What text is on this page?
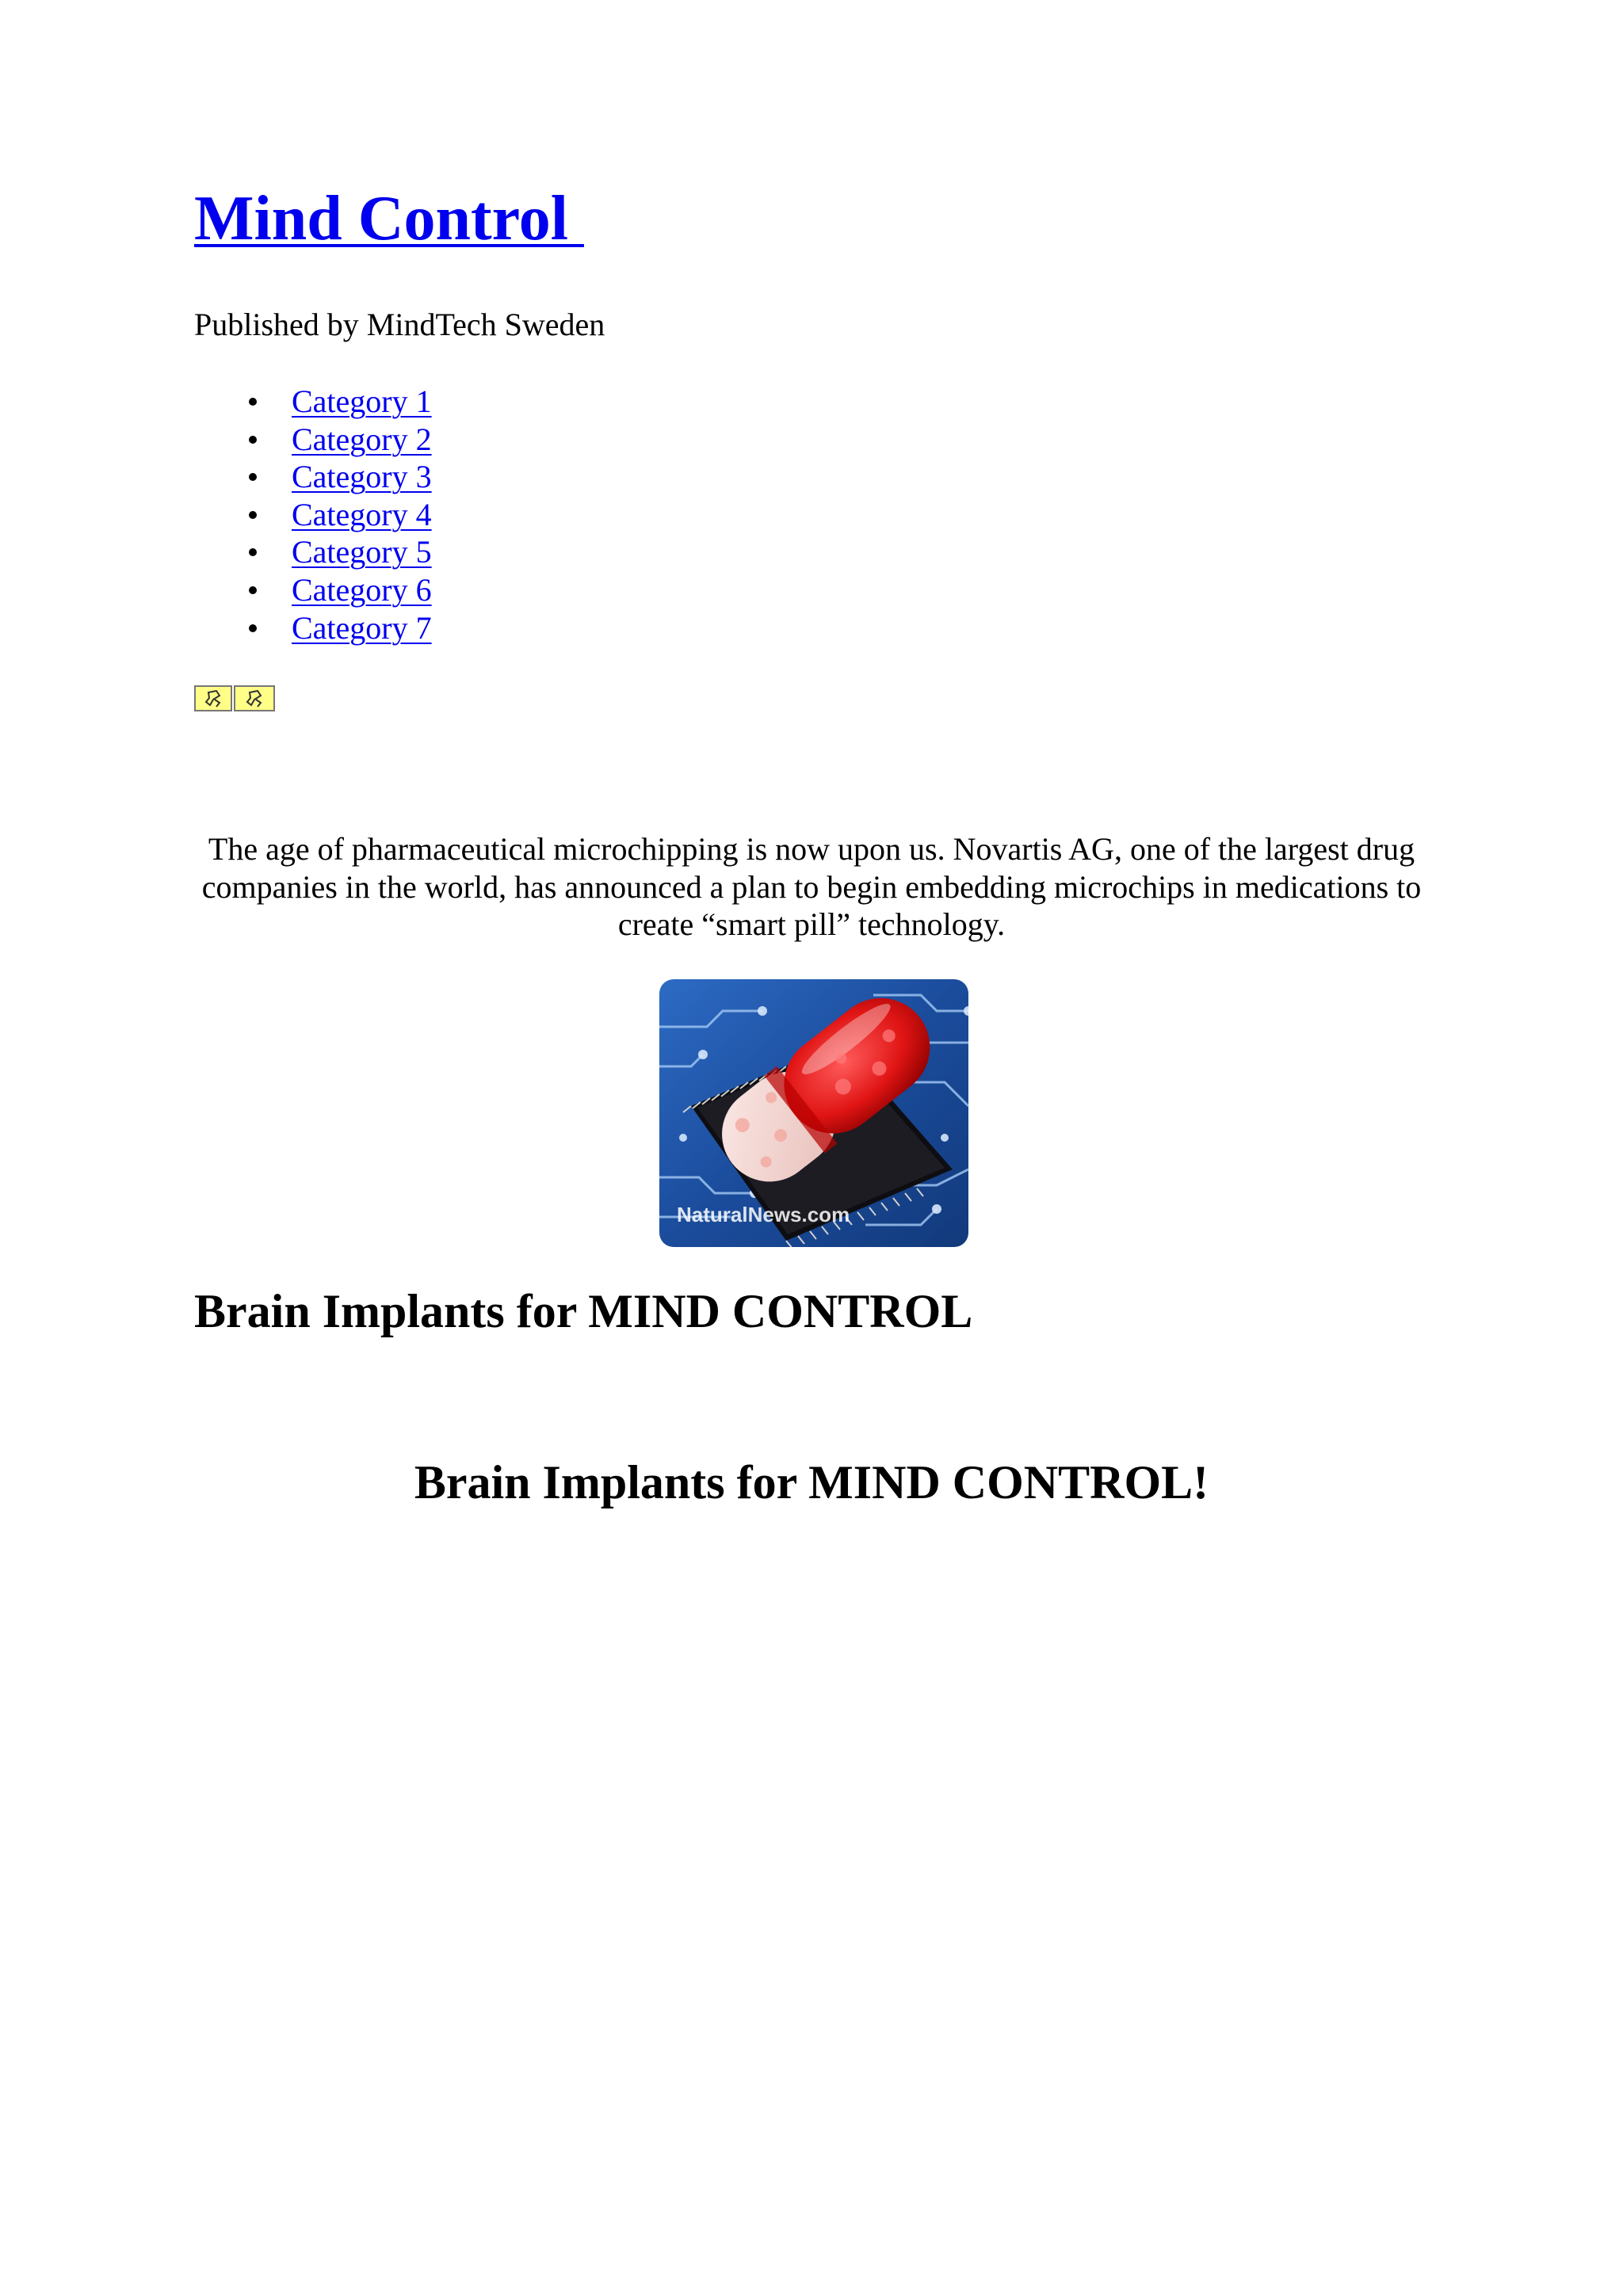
Mind Control

Published by MindTech Sweden

Category 1
Category 2
Category 3
Category 4
Category 5
Category 6
Category 7

The age of pharmaceutical microchipping is now upon us. Novartis AG, one of the largest drug companies in the world, has announced a plan to begin embedding microchips in medications to create “smart pill” technology.

NaturalNews.com
Brain Implants for MIND CONTROL
Brain Implants for MIND CONTROL!
